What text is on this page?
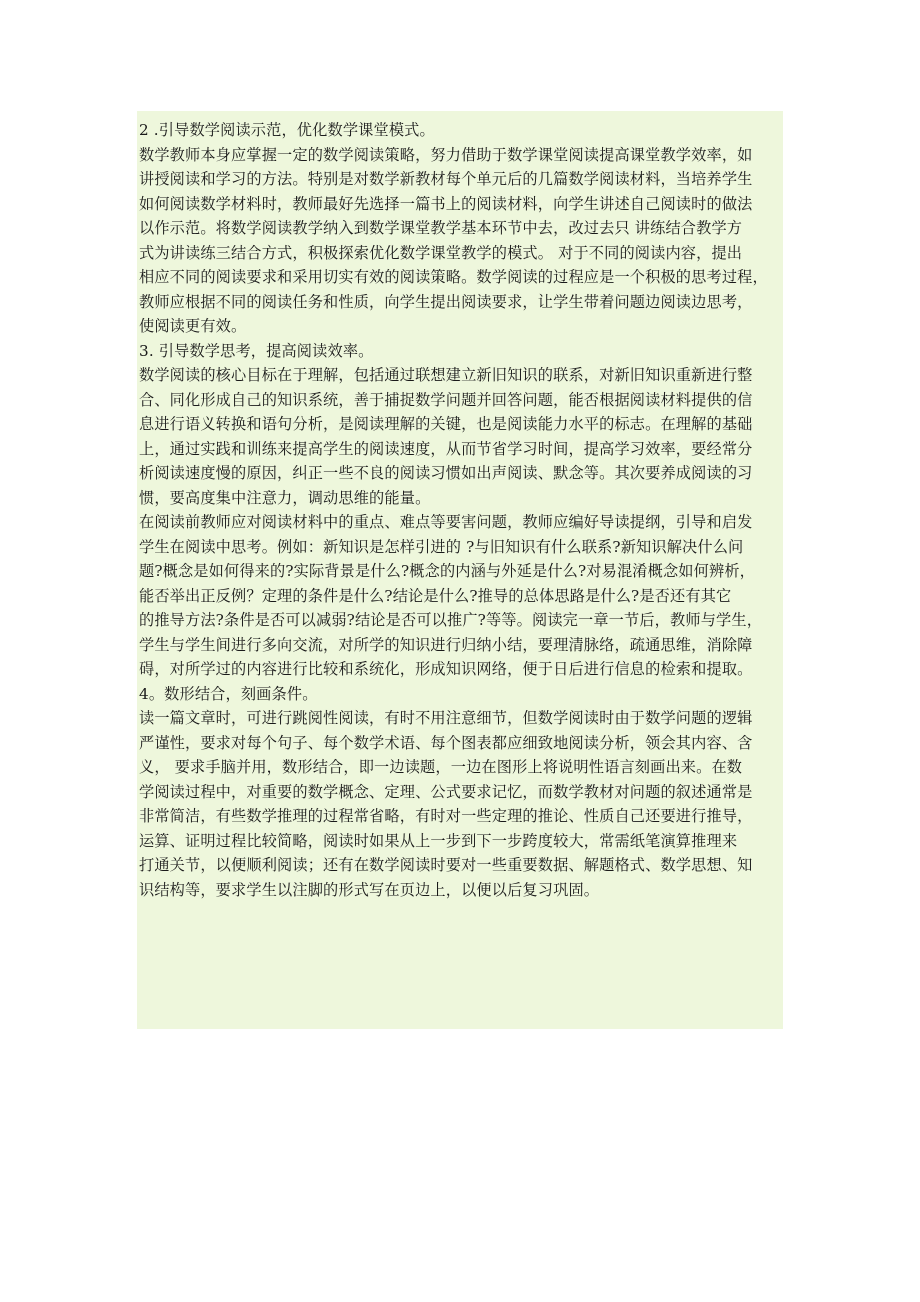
2 .引导数学阅读示范，优化数学课堂模式。
数学教师本身应掌握一定的数学阅读策略，努力借助于数学课堂阅读提高课堂教学效率，如
讲授阅读和学习的方法。特别是对数学新教材每个单元后的几篇数学阅读材料，当培养学生
如何阅读数学材料时，教师最好先选择一篇书上的阅读材料，向学生讲述自己阅读时的做法
以作示范。将数学阅读教学纳入到数学课堂教学基本环节中去，改过去只 讲练结合教学方
式为讲读练三结合方式，积极探索优化数学课堂教学的模式。 对于不同的阅读内容，提出
相应不同的阅读要求和采用切实有效的阅读策略。数学阅读的过程应是一个积极的思考过程，
教师应根据不同的阅读任务和性质，向学生提出阅读要求，让学生带着问题边阅读边思考，
使阅读更有效。
3. 引导数学思考，提高阅读效率。
数学阅读的核心目标在于理解，包括通过联想建立新旧知识的联系，对新旧知识重新进行整
合、同化形成自己的知识系统，善于捕捉数学问题并回答问题，能否根据阅读材料提供的信
息进行语义转换和语句分析，是阅读理解的关键，也是阅读能力水平的标志。在理解的基础
上，通过实践和训练来提高学生的阅读速度，从而节省学习时间，提高学习效率，要经常分
析阅读速度慢的原因，纠正一些不良的阅读习惯如出声阅读、默念等。其次要养成阅读的习
惯，要高度集中注意力，调动思维的能量。
在阅读前教师应对阅读材料中的重点、难点等要害问题，教师应编好导读提纲，引导和启发
学生在阅读中思考。例如：新知识是怎样引进的 ?与旧知识有什么联系?新知识解决什么问
题?概念是如何得来的?实际背景是什么?概念的内涵与外延是什么?对易混淆概念如何辨析，
能否举出正反例？定理的条件是什么?结论是什么?推导的总体思路是什么?是否还有其它
的推导方法?条件是否可以减弱?结论是否可以推广?等等。阅读完一章一节后，教师与学生，
学生与学生间进行多向交流，对所学的知识进行归纳小结，要理清脉络，疏通思维，消除障
碍，对所学过的内容进行比较和系统化，形成知识网络，便于日后进行信息的检索和提取。
4。数形结合，刻画条件。
读一篇文章时，可进行跳阅性阅读，有时不用注意细节，但数学阅读时由于数学问题的逻辑
严谨性，要求对每个句子、每个数学术语、每个图表都应细致地阅读分析，领会其内容、含
义， 要求手脑并用，数形结合，即一边读题，一边在图形上将说明性语言刻画出来。在数
学阅读过程中，对重要的数学概念、定理、公式要求记忆，而数学教材对问题的叙述通常是
非常简洁，有些数学推理的过程常省略，有时对一些定理的推论、性质自己还要进行推导，
运算、证明过程比较简略，阅读时如果从上一步到下一步跨度较大，常需纸笔演算推理来
打通关节，以便顺利阅读；还有在数学阅读时要对一些重要数据、解题格式、数学思想、知
识结构等，要求学生以注脚的形式写在页边上，以便以后复习巩固。
